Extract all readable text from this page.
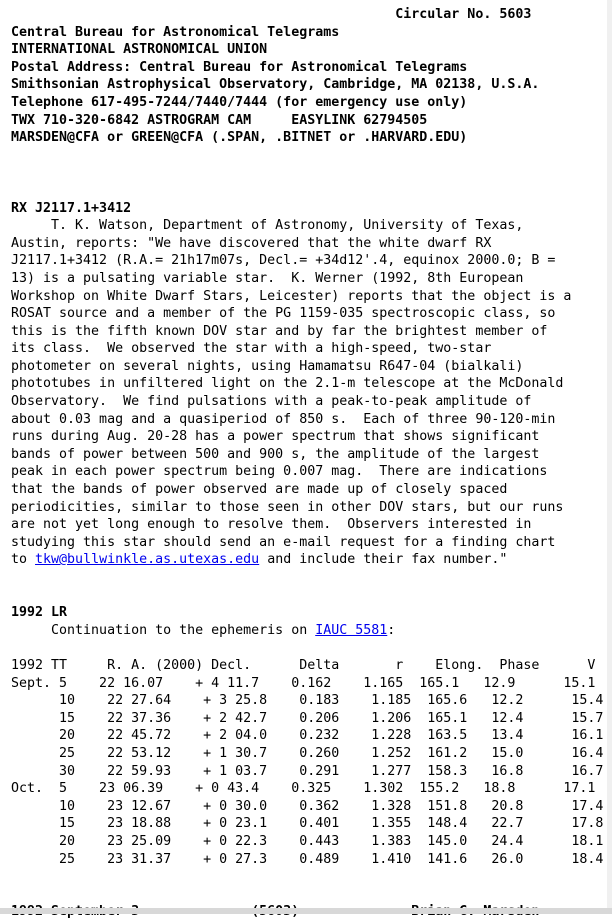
Circular No. 5603
Central Bureau for Astronomical Telegrams
INTERNATIONAL ASTRONOMICAL UNION
Postal Address: Central Bureau for Astronomical Telegrams
Smithsonian Astrophysical Observatory, Cambridge, MA 02138, U.S.A.
Telephone 617-495-7244/7440/7444 (for emergency use only)
TWX 710-320-6842 ASTROGRAM CAM     EASYLINK 62794505
MARSDEN@CFA or GREEN@CFA (.SPAN, .BITNET or .HARVARD.EDU)
RX J2117.1+3412
T. K. Watson, Department of Astronomy, University of Texas,
Austin, reports: "We have discovered that the white dwarf RX
J2117.1+3412 (R.A.= 21h17m07s, Decl.= +34d12'.4, equinox 2000.0; B =
13) is a pulsating variable star.  K. Werner (1992, 8th European
Workshop on White Dwarf Stars, Leicester) reports that the object is a
ROSAT source and a member of the PG 1159-035 spectroscopic class, so
this is the fifth known DOV star and by far the brightest member of
its class.  We observed the star with a high-speed, two-star
photometer on several nights, using Hamamatsu R647-04 (bialkali)
phototubes in unfiltered light on the 2.1-m telescope at the McDonald
Observatory.  We find pulsations with a peak-to-peak amplitude of
about 0.03 mag and a quasiperiod of 850 s.  Each of three 90-120-min
runs during Aug. 20-28 has a power spectrum that shows significant
bands of power between 500 and 900 s, the amplitude of the largest
peak in each power spectrum being 0.007 mag.  There are indications
that the bands of power observed are made up of closely spaced
periodicities, similar to those seen in other DOV stars, but our runs
are not yet long enough to resolve them.  Observers interested in
studying this star should send an e-mail request for a finding chart
to tkw@bullwinkle.as.utexas.edu and include their fax number."
1992 LR
Continuation to the ephemeris on IAUC 5581:
1992 TT     R. A. (2000) Decl.      Delta       r    Elong.  Phase      V
Sept. 5    22 16.07    + 4 11.7    0.162    1.165  165.1   12.9      15.1
10    22 27.64    + 3 25.8    0.183    1.185  165.6   12.2      15.4
15    22 37.36    + 2 42.7    0.206    1.206  165.1   12.4      15.7
20    22 45.72    + 2 04.0    0.232    1.228  163.5   13.4      16.1
25    22 53.12    + 1 30.7    0.260    1.252  161.2   15.0      16.4
30    22 59.93    + 1 03.7    0.291    1.277  158.3   16.8      16.7
Oct.  5    23 06.39    + 0 43.4    0.325    1.302  155.2   18.8      17.1
10    23 12.67    + 0 30.0    0.362    1.328  151.8   20.8      17.4
15    23 18.88    + 0 23.1    0.401    1.355  148.4   22.7      17.8
20    23 25.09    + 0 22.3    0.443    1.383  145.0   24.4      18.1
25    23 31.37    + 0 27.3    0.489    1.410  141.6   26.0      18.4
